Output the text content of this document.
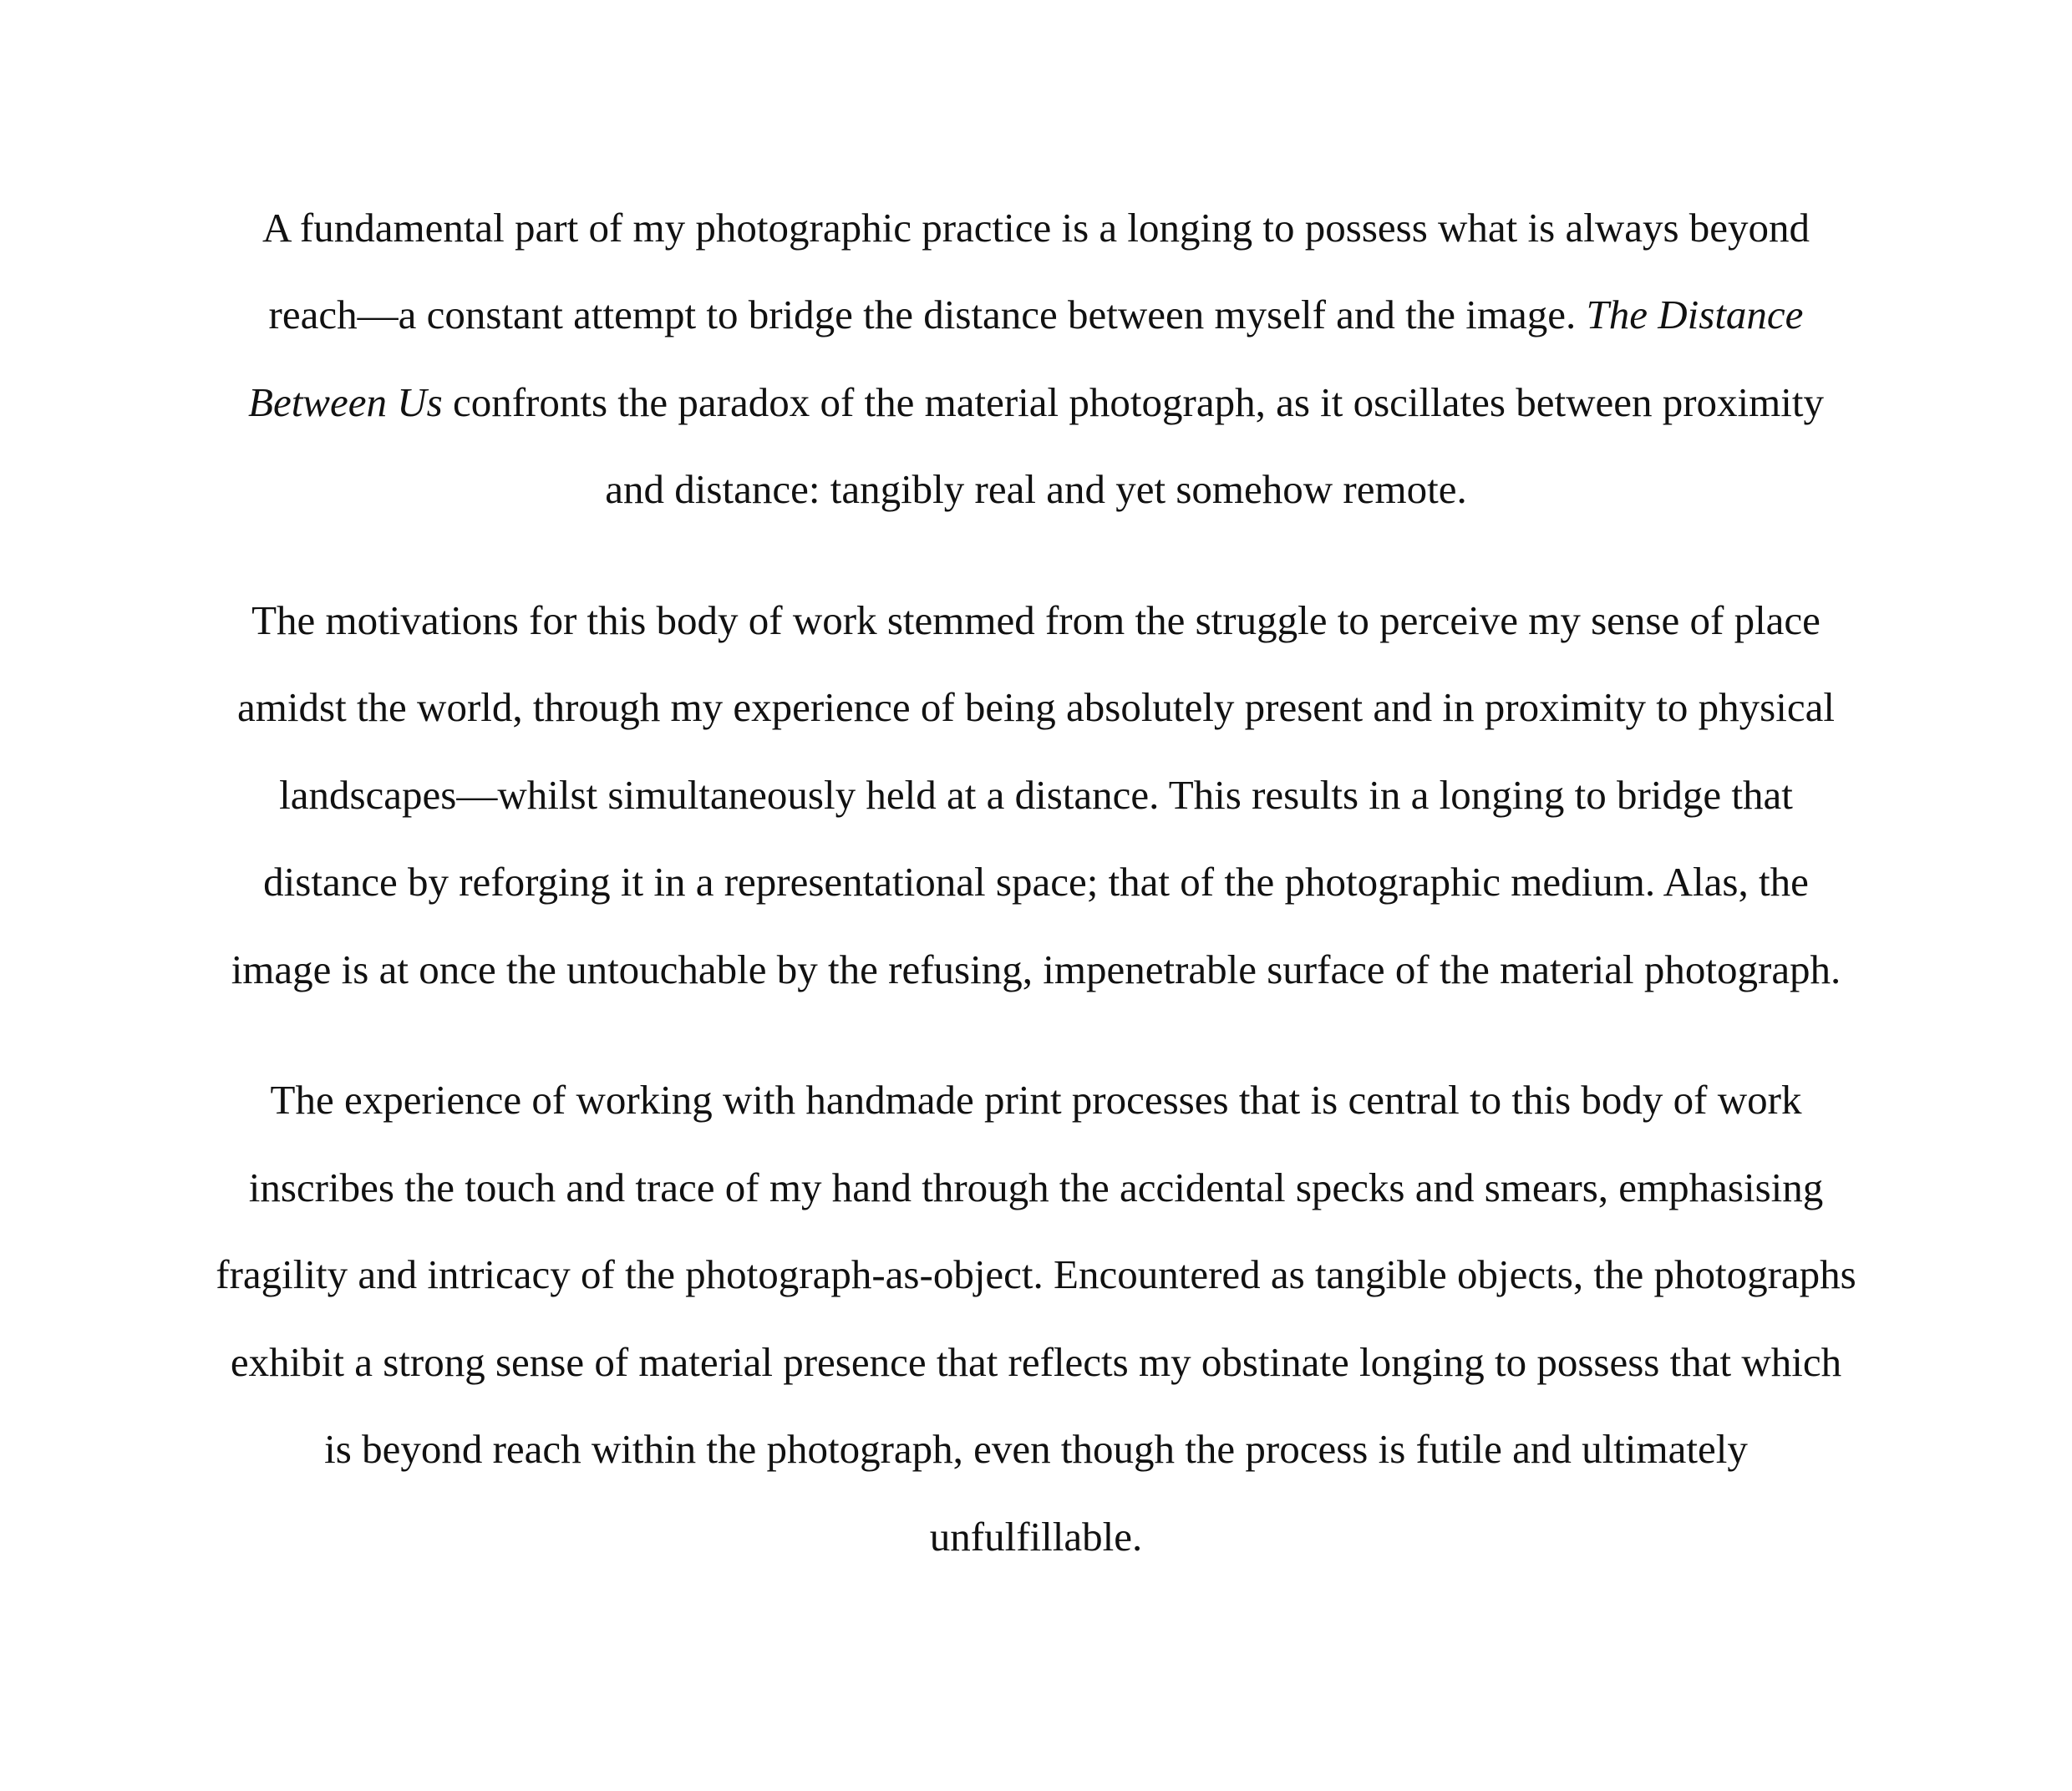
A fundamental part of my photographic practice is a longing to possess what is always beyond
reach—a constant attempt to bridge the distance between myself and the image. The Distance
Between Us confronts the paradox of the material photograph, as it oscillates between proximity
and distance: tangibly real and yet somehow remote.
The motivations for this body of work stemmed from the struggle to perceive my sense of place
amidst the world, through my experience of being absolutely present and in proximity to physical
landscapes—whilst simultaneously held at a distance. This results in a longing to bridge that
distance by reforging it in a representational space; that of the photographic medium. Alas, the
image is at once the untouchable by the refusing, impenetrable surface of the material photograph.
The experience of working with handmade print processes that is central to this body of work
inscribes the touch and trace of my hand through the accidental specks and smears, emphasising
fragility and intricacy of the photograph-as-object. Encountered as tangible objects, the photographs
exhibit a strong sense of material presence that reflects my obstinate longing to possess that which
is beyond reach within the photograph, even though the process is futile and ultimately
unfulfillable.
